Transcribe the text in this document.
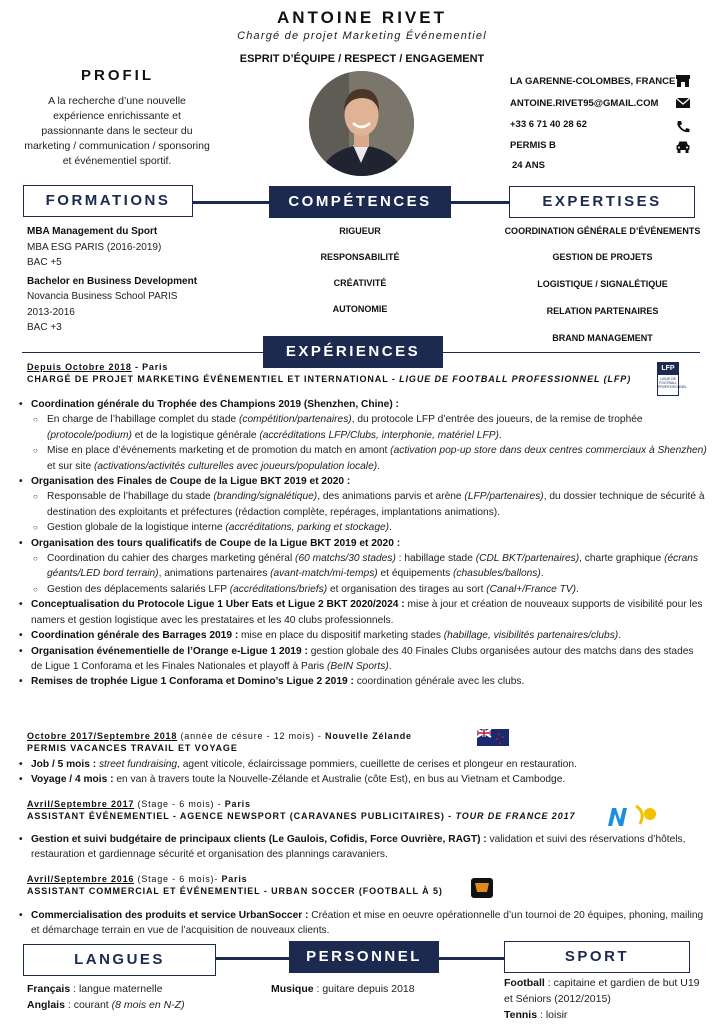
ANTOINE RIVET
Chargé de projet Marketing Événementiel
ESPRIT D’ÉQUIPE / RESPECT / ENGAGEMENT
PROFIL
A la recherche d’une nouvelle expérience enrichissante et passionnante dans le secteur du marketing / communication / sponsoring et événementiel sportif.
LA GARENNE-COLOMBES, FRANCE
ANTOINE.RIVET95@GMAIL.COM
+33 6 71 40 28 62
PERMIS B
24 ANS
FORMATIONS	COMPÉTENCES	EXPERTISES
MBA Management du Sport
MBA ESG PARIS (2016-2019)
BAC +5
Bachelor en Business Development
Novancia Business School PARIS
2013-2016
BAC +3
RIGUEUR
RESPONSABILITÉ
CRÉATIVITÉ
AUTONOMIE
COORDINATION GÉNÉRALE D’ÉVÉNEMENTS
GESTION DE PROJETS
LOGISTIQUE / SIGNALÉTIQUE
RELATION PARTENAIRES
BRAND MANAGEMENT
EXPÉRIENCES
Depuis Octobre 2018 - Paris
CHARGÉ DE PROJET MARKETING ÉVÉNEMENTIEL ET INTERNATIONAL - LIGUE DE FOOTBALL PROFESSIONNEL (LFP)
LFP
LIGUE DE FOOTBALL PROFESSIONNEL
• Coordination générale du Trophée des Champions 2019 (Shenzhen, Chine) :
○ En charge de l’habillage complet du stade (compétition/partenaires), du protocole LFP d’entrée des joueurs, de la remise de trophée (protocole/podium) et de la logistique générale (accréditations LFP/Clubs, interphonie, matériel LFP).
○ Mise en place d’événements marketing et de promotion du match en amont (activation pop-up store dans deux centres commerciaux à Shenzhen) et sur site (activations/activités culturelles avec joueurs/population locale).
• Organisation des Finales de Coupe de la Ligue BKT 2019 et 2020 :
○ Responsable de l’habillage du stade (branding/signalétique), des animations parvis et arène (LFP/partenaires), du dossier technique de sécurité à destination des exploitants et préfectures (rédaction complète, repérages, implantations animations).
○ Gestion globale de la logistique interne (accréditations, parking et stockage).
• Organisation des tours qualificatifs de Coupe de la Ligue BKT 2019 et 2020 :
○ Coordination du cahier des charges marketing général (60 matchs/30 stades) : habillage stade (CDL BKT/partenaires), charte graphique (écrans géants/LED bord terrain), animations partenaires (avant-match/mi-temps) et équipements (chasubles/ballons).
○ Gestion des déplacements salariés LFP (accréditations/briefs) et organisation des tirages au sort (Canal+/France TV).
• Conceptualisation du Protocole Ligue 1 Uber Eats et Ligue 2 BKT 2020/2024 : mise à jour et création de nouveaux supports de visibilité pour les namers et gestion logistique avec les prestataires et les 40 clubs professionnels.
• Coordination générale des Barrages 2019 : mise en place du dispositif marketing stades (habillage, visibilités partenaires/clubs).
• Organisation événementielle de l’Orange e-Ligue 1 2019 : gestion globale des 40 Finales Clubs organisées autour des matchs dans des stades de Ligue 1 Conforama et les Finales Nationales et playoff à Paris (BeIN Sports).
• Remises de trophée Ligue 1 Conforama et Domino’s Ligue 2 2019 : coordination générale avec les clubs.
Octobre 2017/Septembre 2018 (année de césure - 12 mois) - Nouvelle Zélande
PERMIS VACANCES TRAVAIL ET VOYAGE
• Job / 5 mois : street fundraising, agent viticole, éclaircissage pommiers, cueillette de cerises et plongeur en restauration.
• Voyage / 4 mois : en van à travers toute la Nouvelle-Zélande et Australie (côte Est), en bus au Vietnam et Cambodge.
Avril/Septembre 2017 (Stage - 6 mois) - Paris
ASSISTANT ÉVÉNEMENTIEL - AGENCE NEWSPORT (CARAVANES PUBLICITAIRES) - TOUR DE FRANCE 2017
• Gestion et suivi budgétaire de principaux clients (Le Gaulois, Cofidis, Force Ouvrière, RAGT) : validation et suivi des réservations d’hôtels, restauration et gardiennage sécurité et organisation des plannings caravaniers.
Avril/Septembre 2016 (Stage - 6 mois)- Paris
ASSISTANT COMMERCIAL ET ÉVÉNEMENTIEL - URBAN SOCCER (FOOTBALL À 5)
• Commercialisation des produits et service UrbanSoccer : Création et mise en oeuvre opérationnelle d’un tournoi de 20 équipes, phoning, mailing et démarchage terrain en vue de l’acquisition de nouveaux clients.
LANGUES	PERSONNEL	SPORT
Français : langue maternelle
Anglais : courant (8 mois en N-Z)
Musique : guitare depuis 2018	Football : capitaine et gardien de but U19 et Séniors (2012/2015)
Tennis : loisir
